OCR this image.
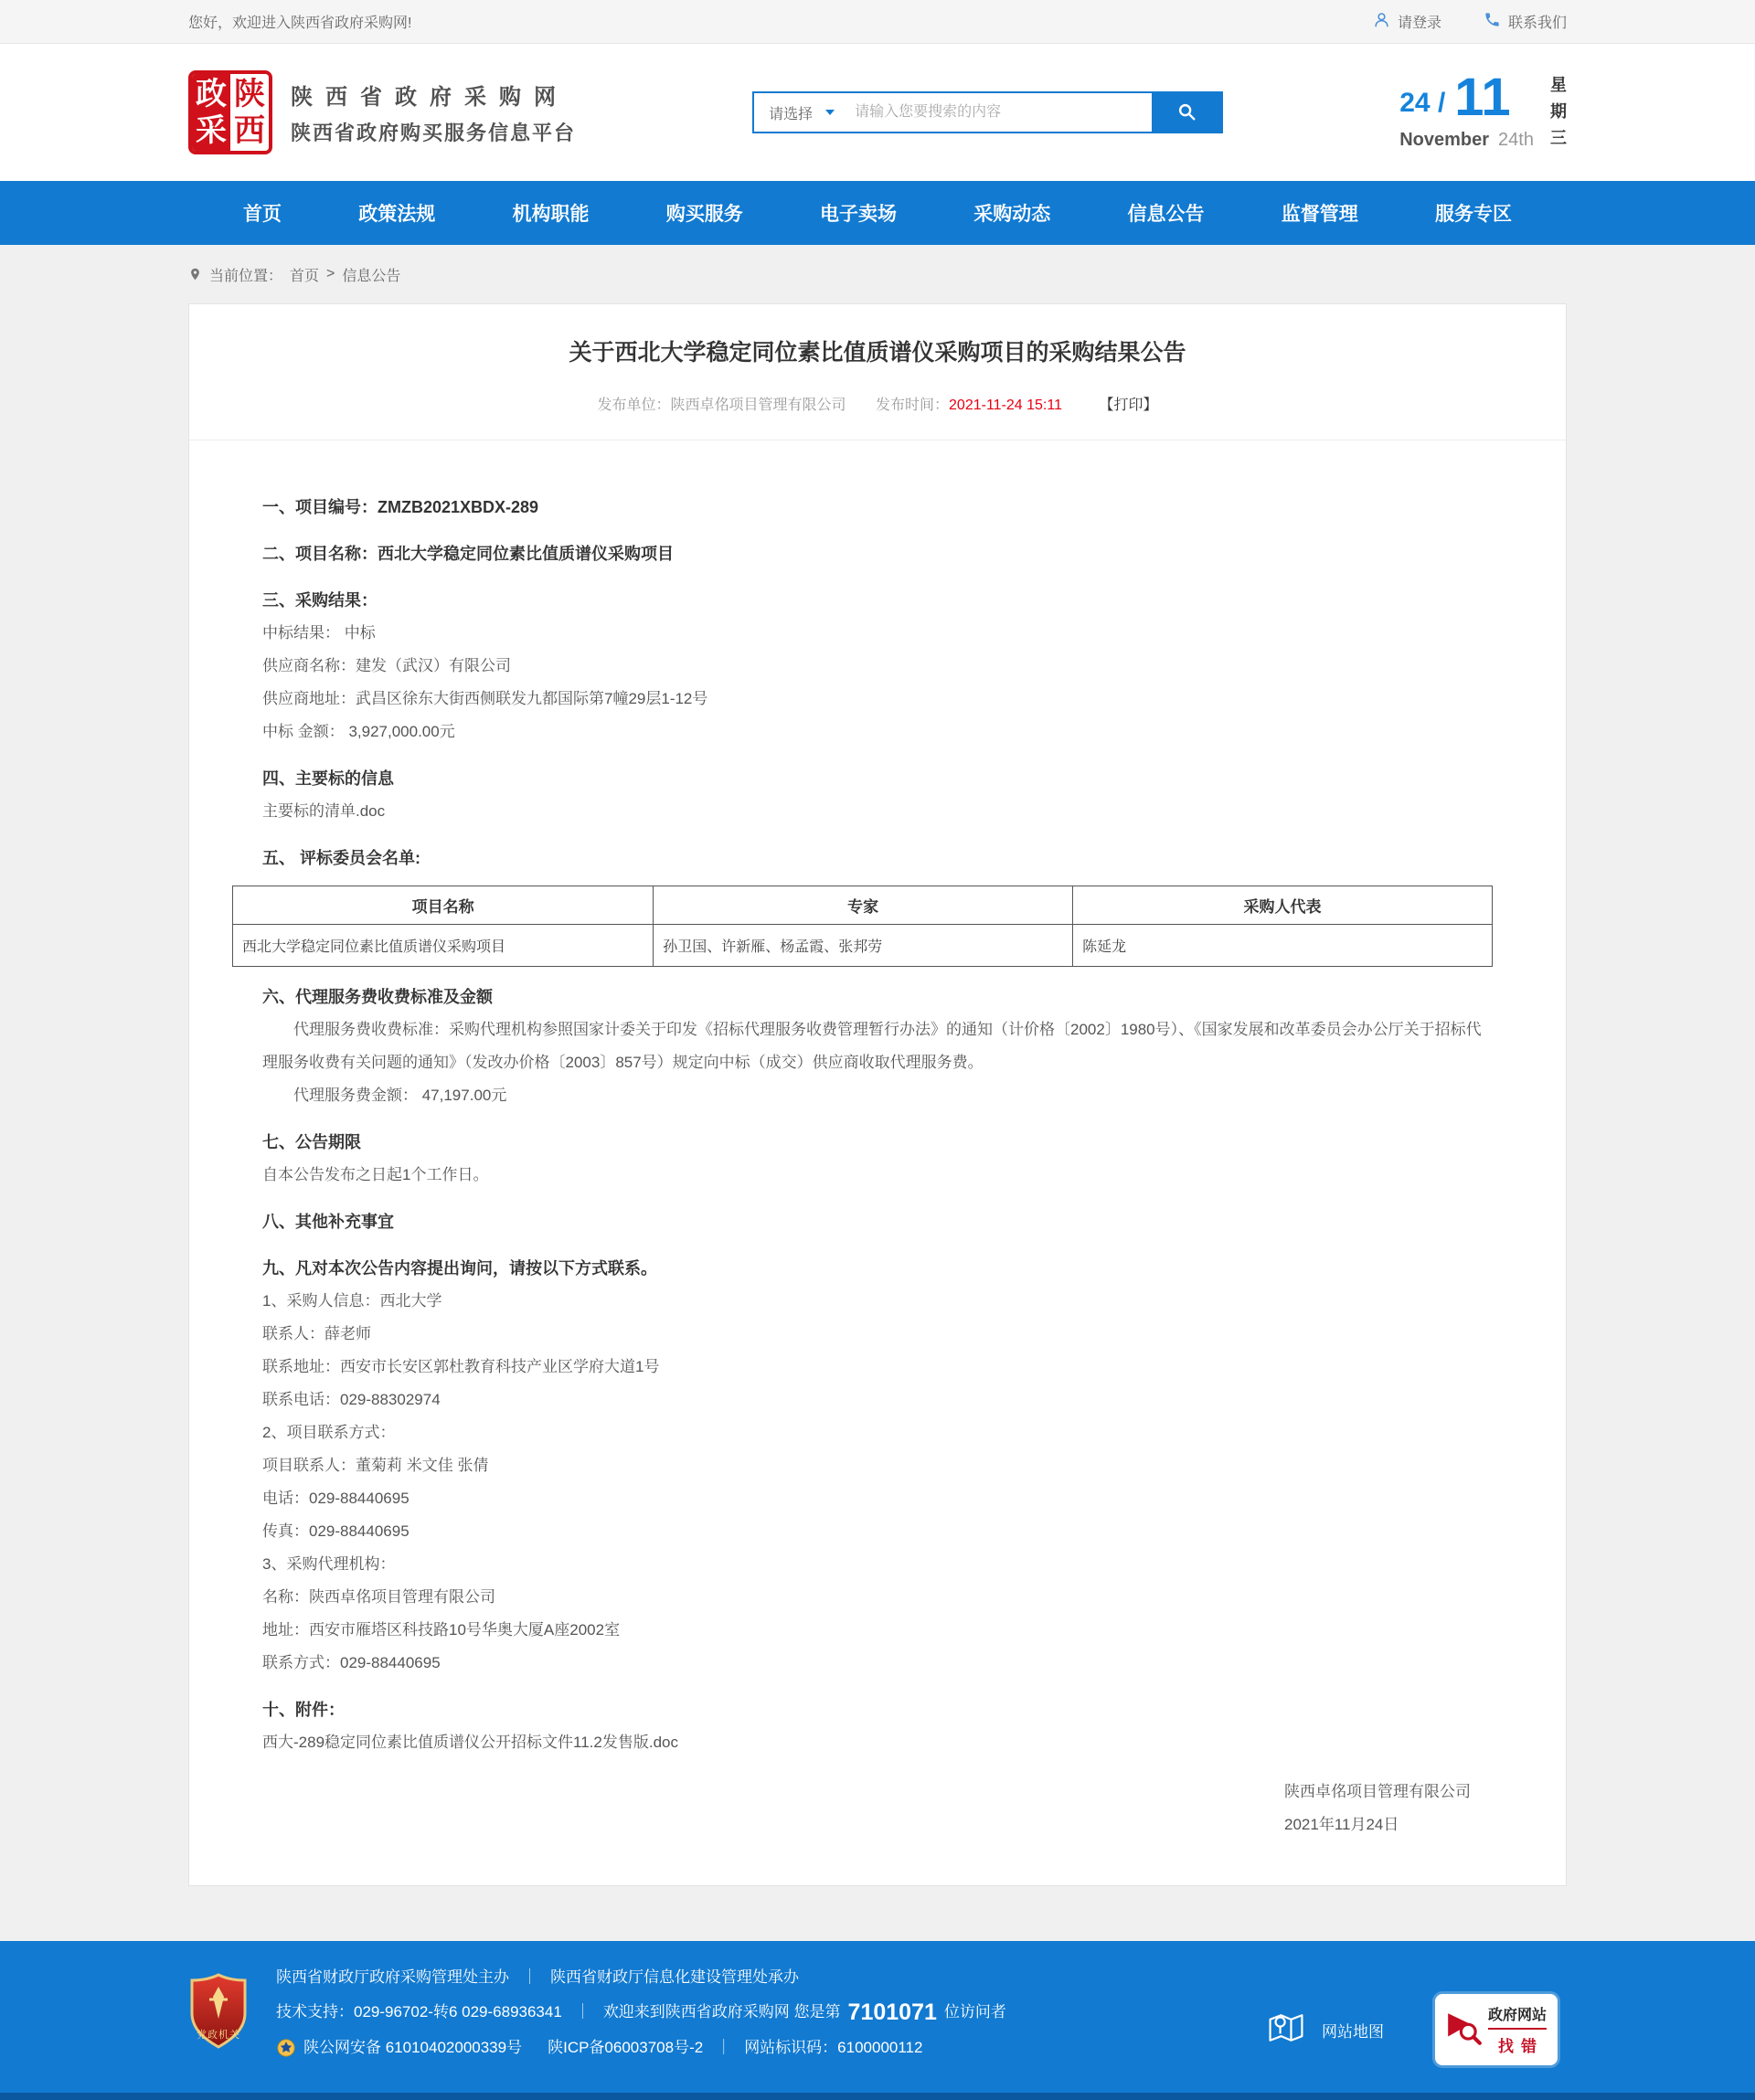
您好，欢迎进入陕西省政府采购网!	请登录	联系我们
政
采
陕
西
陕西省政府采购网
陕西省政府购买服务信息平台
请选择
请输入您要搜索的内容	24 / 11
November 24th
星
期
三
首页	政策法规	机构职能	购买服务	电子卖场	采购动态	信息公告	监督管理	服务专区
当前位置： 首页 > 信息公告
关于西北大学稳定同位素比值质谱仪采购项目的采购结果公告
发布单位：陕西卓佲项目管理有限公司 发布时间：2021-11-24 15:11	【打印】

一、项目编号：ZMZB2021XBDX-289

二、项目名称：西北大学稳定同位素比值质谱仪采购项目

三、采购结果：

中标结果： 中标

供应商名称：建发（武汉）有限公司

供应商地址：武昌区徐东大街西侧联发九都国际第7幢29层1-12号

中标 金额： 3,927,000.00元

四、主要标的信息

主要标的清单.doc

五、 评标委员会名单:

项目名称	专家	采购人代表
西北大学稳定同位素比值质谱仪采购项目	孙卫国、许新雁、杨孟霞、张邦劳	陈延龙

六、代理服务费收费标准及金额

代理服务费收费标准：采购代理机构参照国家计委关于印发《招标代理服务收费管理暂行办法》的通知（计价格〔2002〕1980号）、《国家发展和改革委员会办公厅关于招标代理服务收费有关问题的通知》（发改办价格〔2003〕857号）规定向中标（成交）供应商收取代理服务费。

代理服务费金额： 47,197.00元

七、公告期限

自本公告发布之日起1个工作日。

八、其他补充事宜

九、凡对本次公告内容提出询问，请按以下方式联系。

1、采购人信息：西北大学

联系人：薛老师

联系地址：西安市长安区郭杜教育科技产业区学府大道1号

联系电话：029-88302974

2、项目联系方式：

项目联系人：董菊莉 米文佳 张倩

电话：029-88440695

传真：029-88440695

3、采购代理机构：

名称：陕西卓佲项目管理有限公司

地址：西安市雁塔区科技路10号华奥大厦A座2002室

联系方式：029-88440695

十、附件：

西大-289稳定同位素比值质谱仪公开招标文件11.2发售版.doc

陕西卓佲项目管理有限公司

2021年11月24日

党政机关
陕西省财政厅政府采购管理处主办 ｜ 陕西省财政厅信息化建设管理处承办
技术支持：029-96702-转6 029-68936341 ｜ 欢迎来到陕西省政府采购网 您是第 7101071 位访问者
陕公网安备 61010402000339号 陕ICP备06003708号-2 ｜ 网站标识码：6100000112
网站地图
政府网站
找错
